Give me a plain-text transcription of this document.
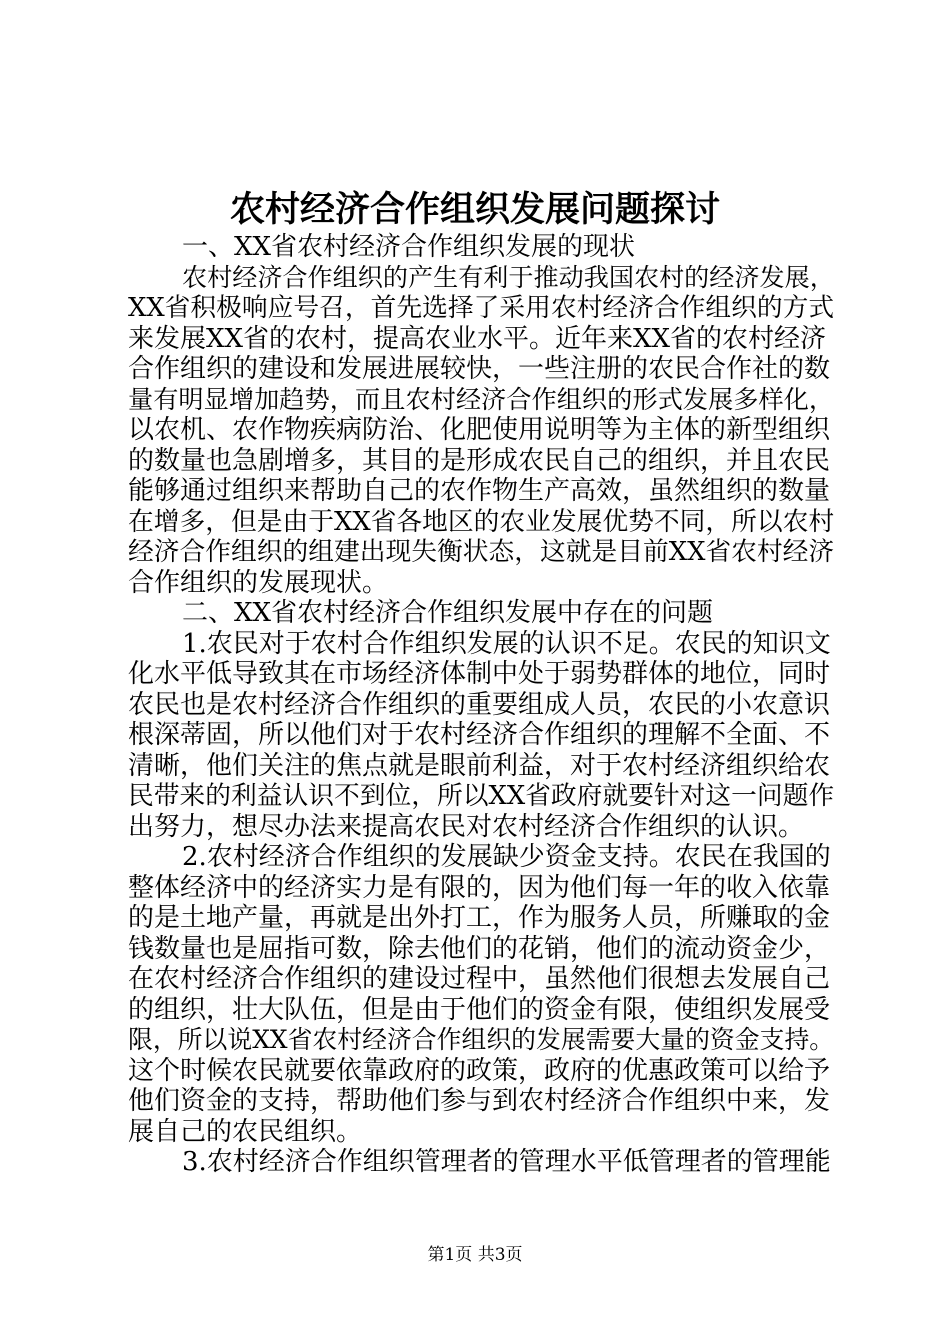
农村经济合作组织发展问题探讨
一、XX省农村经济合作组织发展的现状
农村经济合作组织的产生有利于推动我国农村的经济发展，
XX省积极响应号召，首先选择了采用农村经济合作组织的方式
来发展XX省的农村，提高农业水平。近年来XX省的农村经济
合作组织的建设和发展进展较快，一些注册的农民合作社的数
量有明显增加趋势，而且农村经济合作组织的形式发展多样化，
以农机、农作物疾病防治、化肥使用说明等为主体的新型组织
的数量也急剧增多，其目的是形成农民自己的组织，并且农民
能够通过组织来帮助自己的农作物生产高效，虽然组织的数量
在增多，但是由于XX省各地区的农业发展优势不同，所以农村
经济合作组织的组建出现失衡状态，这就是目前XX省农村经济
合作组织的发展现状。
二、XX省农村经济合作组织发展中存在的问题
1.农民对于农村合作组织发展的认识不足。农民的知识文
化水平低导致其在市场经济体制中处于弱势群体的地位，同时
农民也是农村经济合作组织的重要组成人员，农民的小农意识
根深蒂固，所以他们对于农村经济合作组织的理解不全面、不
清晰，他们关注的焦点就是眼前利益，对于农村经济组织给农
民带来的利益认识不到位，所以XX省政府就要针对这一问题作
出努力，想尽办法来提高农民对农村经济合作组织的认识。
2.农村经济合作组织的发展缺少资金支持。农民在我国的
整体经济中的经济实力是有限的，因为他们每一年的收入依靠
的是土地产量，再就是出外打工，作为服务人员，所赚取的金
钱数量也是屈指可数，除去他们的花销，他们的流动资金少，
在农村经济合作组织的建设过程中，虽然他们很想去发展自己
的组织，壮大队伍，但是由于他们的资金有限，使组织发展受
限，所以说XX省农村经济合作组织的发展需要大量的资金支持。
这个时候农民就要依靠政府的政策，政府的优惠政策可以给予
他们资金的支持，帮助他们参与到农村经济合作组织中来，发
展自己的农民组织。
3.农村经济合作组织管理者的管理水平低管理者的管理能
第1页 共3页
